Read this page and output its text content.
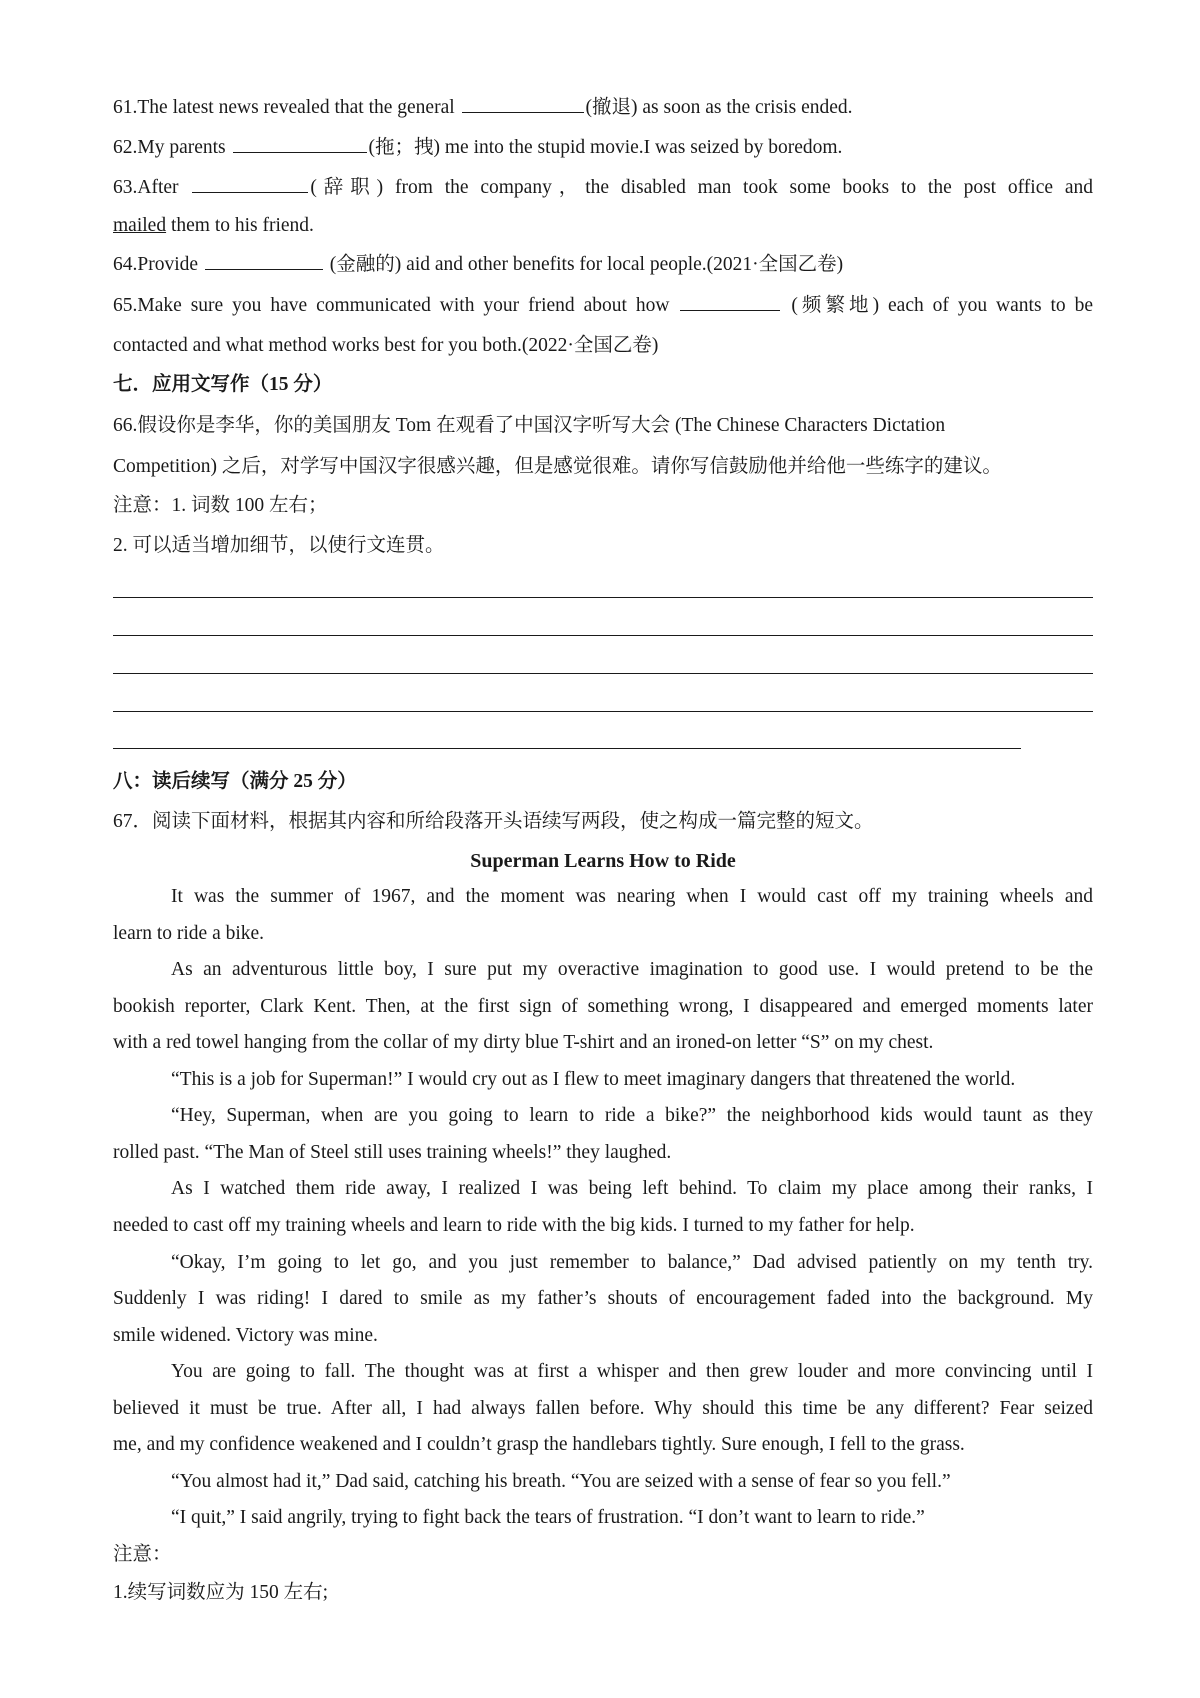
61.The latest news revealed that the general	(撤退) as soon as the crisis ended.
62.My parents	(拖；拽) me into the stupid movie.I was seized by boredom.
63.After	(辞职) from the company，the disabled man took some books to the post office and
mailed them to his friend.
64.Provide	(金融的) aid and other benefits for local people.(2021·全国乙卷)
65.Make sure you have communicated with your friend about how	(频繁地) each of you wants to be
contacted and what method works best for you both.(2022·全国乙卷)
七．应用文写作（15 分）
66.假设你是李华，你的美国朋友 Tom 在观看了中国汉字听写大会 (The Chinese Characters Dictation
Competition) 之后，对学写中国汉字很感兴趣，但是感觉很难。请你写信鼓励他并给他一些练字的建议。
注意：1. 词数 100 左右；
2. 可以适当增加细节，以使行文连贯。
八：读后续写（满分 25 分）
67．阅读下面材料，根据其内容和所给段落开头语续写两段，使之构成一篇完整的短文。
Superman Learns How to Ride
It was the summer of 1967, and the moment was nearing when I would cast off my training wheels and
learn to ride a bike.
As an adventurous little boy, I sure put my overactive imagination to good use. I would pretend to be the
bookish reporter, Clark Kent. Then, at the first sign of something wrong, I disappeared and emerged moments later
with a red towel hanging from the collar of my dirty blue T-shirt and an ironed-on letter “S” on my chest.
“This is a job for Superman!” I would cry out as I flew to meet imaginary dangers that threatened the world.
“Hey, Superman, when are you going to learn to ride a bike?” the neighborhood kids would taunt as they
rolled past. “The Man of Steel still uses training wheels!” they laughed.
As I watched them ride away, I realized I was being left behind. To claim my place among their ranks, I
needed to cast off my training wheels and learn to ride with the big kids. I turned to my father for help.
“Okay, I’m going to let go, and you just remember to balance,” Dad advised patiently on my tenth try.
Suddenly I was riding! I dared to smile as my father’s shouts of encouragement faded into the background. My
smile widened. Victory was mine.
You are going to fall. The thought was at first a whisper and then grew louder and more convincing until I
believed it must be true. After all, I had always fallen before. Why should this time be any different? Fear seized
me, and my confidence weakened and I couldn’t grasp the handlebars tightly. Sure enough, I fell to the grass.
“You almost had it,” Dad said, catching his breath. “You are seized with a sense of fear so you fell.”
“I quit,” I said angrily, trying to fight back the tears of frustration. “I don’t want to learn to ride.”
注意：
1.续写词数应为 150 左右;
